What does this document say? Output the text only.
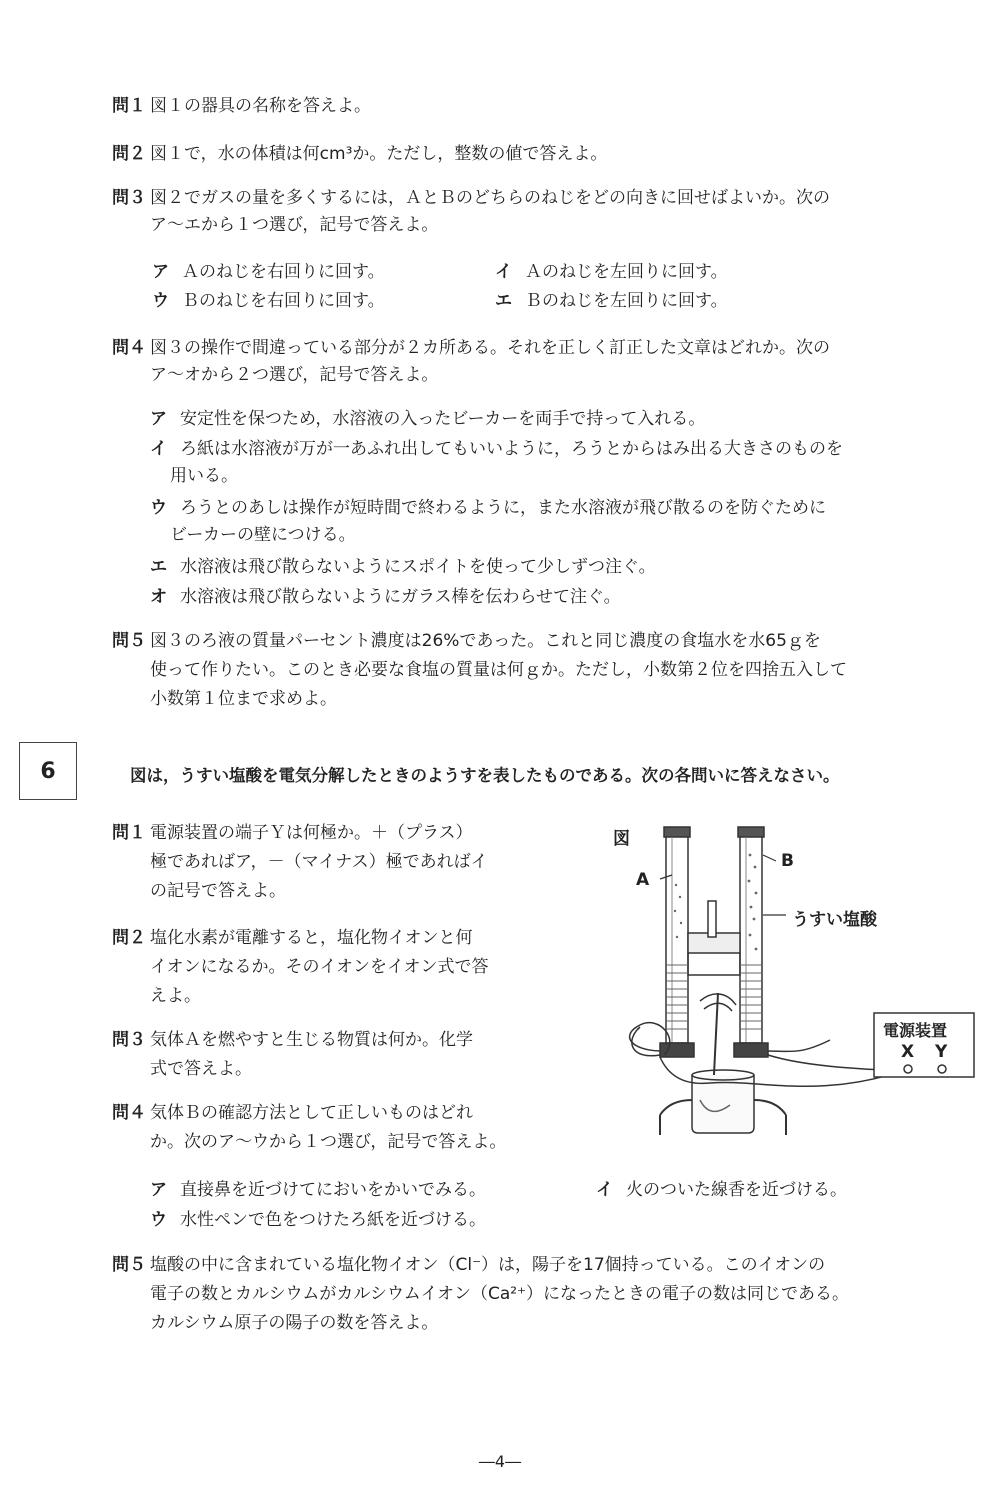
問１ 図１の器具の名称を答えよ。
問２ 図１で，水の体積は何cm³か。ただし，整数の値で答えよ。
問３ 図２でガスの量を多くするには，ＡとＢのどちらのねじをどの向きに回せばよいか。次の
ア～エから１つ選び，記号で答えよ。
ア Ａのねじを右回りに回す。	イ Ａのねじを左回りに回す。
ウ Ｂのねじを右回りに回す。	エ Ｂのねじを左回りに回す。
問４ 図３の操作で間違っている部分が２カ所ある。それを正しく訂正した文章はどれか。次の
ア～オから２つ選び，記号で答えよ。
ア 安定性を保つため，水溶液の入ったビーカーを両手で持って入れる。
イ ろ紙は水溶液が万が一あふれ出してもいいように，ろうとからはみ出る大きさのものを
用いる。
ウ ろうとのあしは操作が短時間で終わるように，また水溶液が飛び散るのを防ぐために
ビーカーの壁につける。
エ 水溶液は飛び散らないようにスポイトを使って少しずつ注ぐ。
オ 水溶液は飛び散らないようにガラス棒を伝わらせて注ぐ。
問５ 図３のろ液の質量パーセント濃度は26%であった。これと同じ濃度の食塩水を水65ｇを
使って作りたい。このとき必要な食塩の質量は何ｇか。ただし，小数第２位を四捨五入して
小数第１位まで求めよ。
6	図は，うすい塩酸を電気分解したときのようすを表したものである。次の各問いに答えなさい。
問１ 電源装置の端子Ｙは何極か。＋（プラス）
極であればア，－（マイナス）極であればイ
の記号で答えよ。
問２ 塩化水素が電離すると，塩化物イオンと何
イオンになるか。そのイオンをイオン式で答
えよ。
問３ 気体Ａを燃やすと生じる物質は何か。化学
式で答えよ。
問４ 気体Ｂの確認方法として正しいものはどれ
か。次のア～ウから１つ選び，記号で答えよ。
ア 直接鼻を近づけてにおいをかいでみる。	イ 火のついた線香を近づける。
ウ 水性ペンで色をつけたろ紙を近づける。
問５ 塩酸の中に含まれている塩化物イオン（Cl⁻）は，陽子を17個持っている。このイオンの
電子の数とカルシウムがカルシウムイオン（Ca²⁺）になったときの電子の数は同じである。
カルシウム原子の陽子の数を答えよ。
図
A
B
うすい塩酸
電源装置
X Y
―4―
